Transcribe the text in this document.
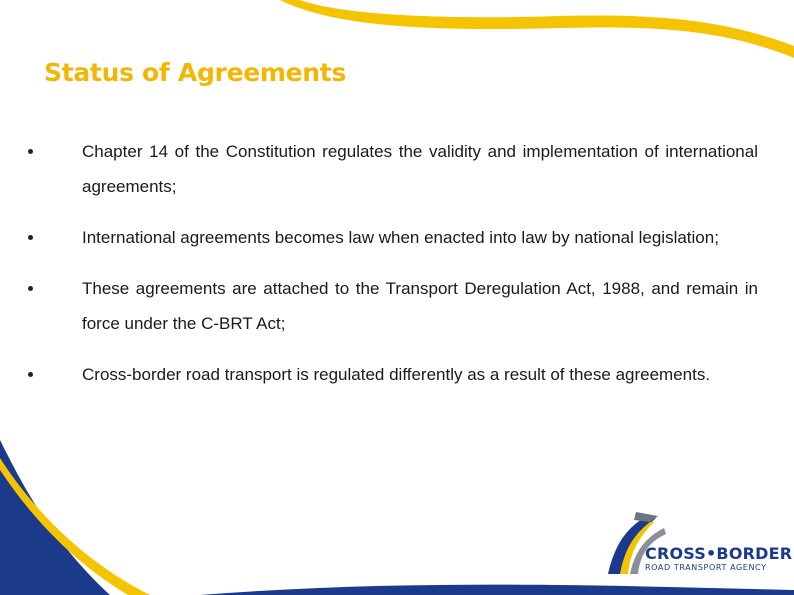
Status of Agreements
Chapter 14 of the Constitution regulates the validity and implementation of international agreements;
International agreements becomes law when enacted into law by national legislation;
These agreements are attached to the Transport Deregulation Act, 1988, and remain in force under the C-BRT Act;
Cross-border road transport is regulated differently as a result of these agreements.
CROSS•BORDER
ROAD TRANSPORT AGENCY
